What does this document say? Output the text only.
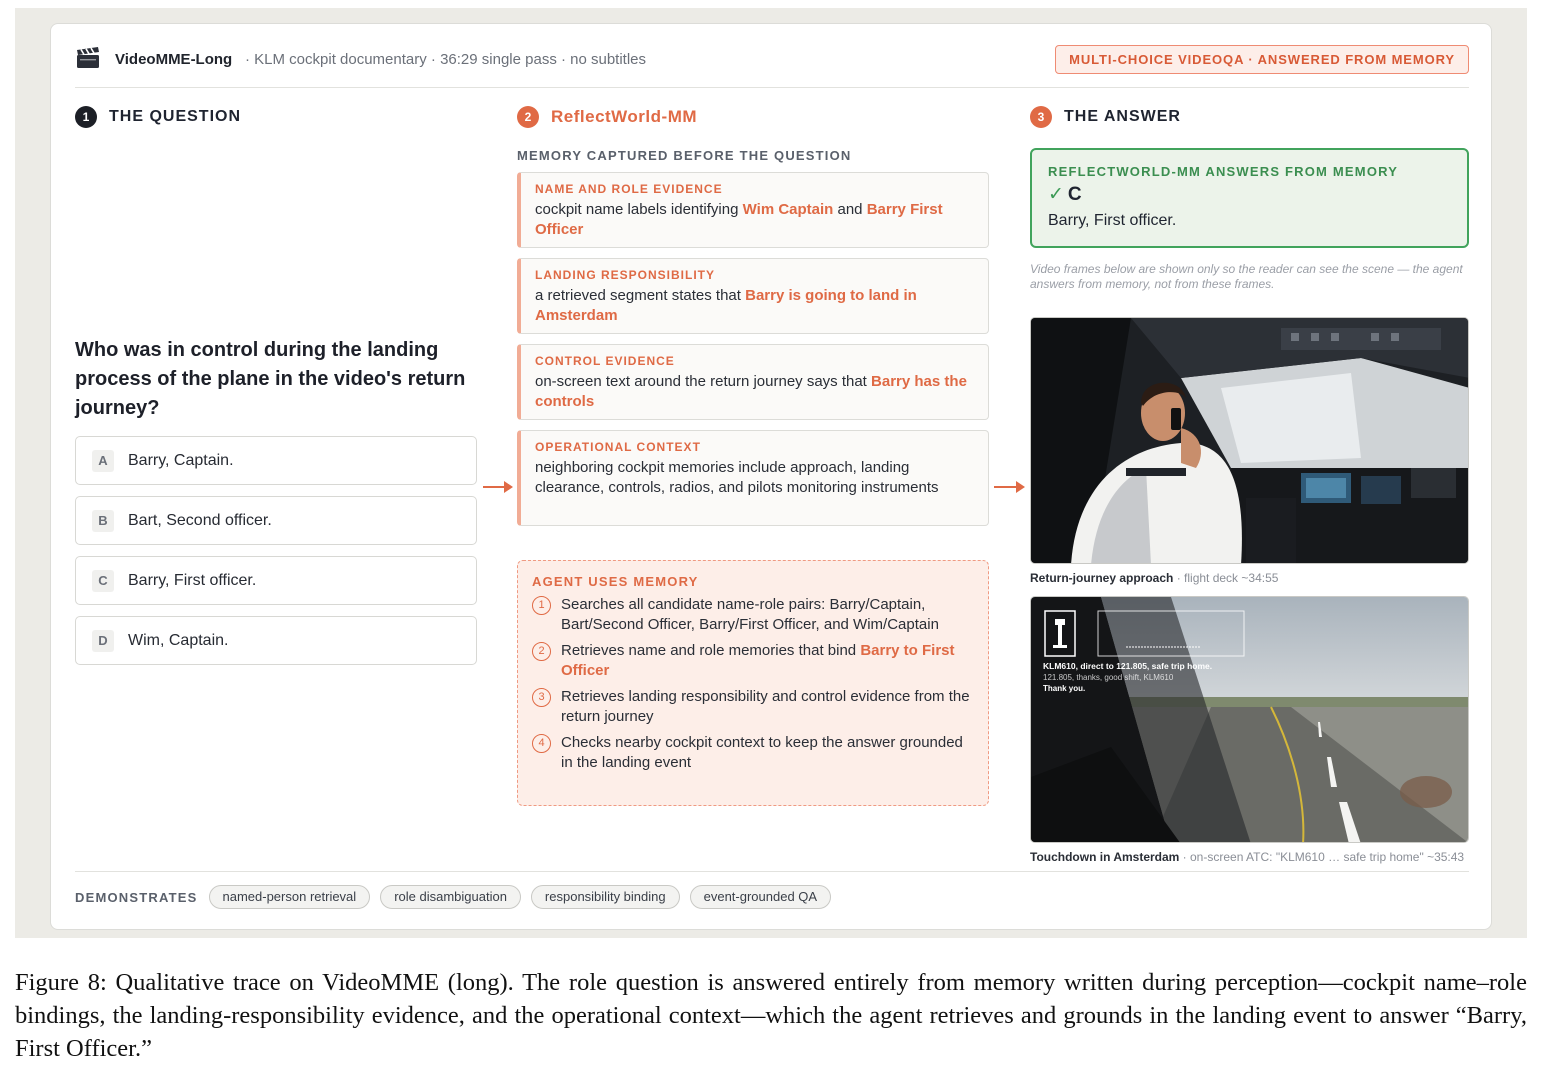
VideoMME-Long · KLM cockpit documentary · 36:29 single pass · no subtitles	MULTI-CHOICE VIDEOQA · ANSWERED FROM MEMORY
1	THE QUESTION
Who was in control during the landing process of the plane in the video's return journey?
A	Barry, Captain.
B	Bart, Second officer.
C	Barry, First officer.
D	Wim, Captain.
2	ReflectWorld-MM
MEMORY CAPTURED BEFORE THE QUESTION
NAME AND ROLE EVIDENCE
cockpit name labels identifying Wim Captain and Barry First Officer
LANDING RESPONSIBILITY
a retrieved segment states that Barry is going to land in Amsterdam
CONTROL EVIDENCE
on-screen text around the return journey says that Barry has the controls
OPERATIONAL CONTEXT
neighboring cockpit memories include approach, landing clearance, controls, radios, and pilots monitoring instruments
AGENT USES MEMORY
1	Searches all candidate name-role pairs: Barry/Captain, Bart/Second Officer, Barry/First Officer, and Wim/Captain
2	Retrieves name and role memories that bind Barry to First Officer
3	Retrieves landing responsibility and control evidence from the return journey
4	Checks nearby cockpit context to keep the answer grounded in the landing event
3	THE ANSWER
REFLECTWORLD-MM ANSWERS FROM MEMORY
✓ C
Barry, First officer.
Video frames below are shown only so the reader can see the scene — the agent answers from memory, not from these frames.
Return-journey approach · flight deck ~34:55
KLM610, direct to 121.805, safe trip home.
121.805, thanks, good shift, KLM610
Thank you.
Touchdown in Amsterdam · on-screen ATC: "KLM610 … safe trip home" ~35:43
DEMONSTRATES	named-person retrieval	role disambiguation	responsibility binding	event-grounded QA
Figure 8: Qualitative trace on VideoMME (long). The role question is answered entirely from memory written during perception—cockpit name–role bindings, the landing-responsibility evidence, and the operational context—which the agent retrieves and grounds in the landing event to answer “Barry, First Officer.”
